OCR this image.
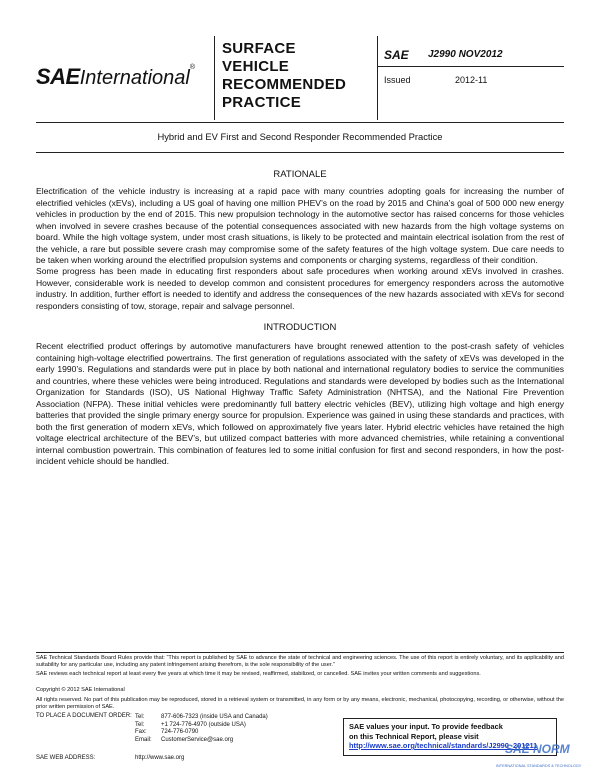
SAEInternational®
SURFACE
VEHICLE
RECOMMENDED
PRACTICE
SAE J2990 NOV2012
Issued	2012-11
Hybrid and EV First and Second Responder Recommended Practice
RATIONALE
Electrification of the vehicle industry is increasing at a rapid pace with many countries adopting goals for increasing the number of electrified vehicles (xEVs), including a US goal of having one million PHEV’s on the road by 2015 and China’s goal of 500 000 new energy vehicles in production by the end of 2015. This new propulsion technology in the automotive sector has raised concerns for those vehicles when involved in severe crashes because of the potential consequences associated with new hazards from the high voltage systems on board. While the high voltage system, under most crash situations, is likely to be protected and maintain electrical isolation from the rest of the vehicle, a rare but possible severe crash may compromise some of the safety features of the high voltage system. Due care needs to be taken when working around the electrified propulsion systems and components or charging systems, regardless of their condition.
Some progress has been made in educating first responders about safe procedures when working around xEVs involved in crashes. However, considerable work is needed to develop common and consistent procedures for emergency responders across the automotive industry. In addition, further effort is needed to identify and address the consequences of the new hazards associated with xEVs for second responders consisting of tow, storage, repair and salvage personnel.
INTRODUCTION
Recent electrified product offerings by automotive manufacturers have brought renewed attention to the post-crash safety of vehicles containing high-voltage electrified powertrains. The first generation of regulations associated with the safety of xEVs was developed in the early 1990’s. Regulations and standards were put in place by both national and international regulatory bodies to service the communities and countries, where these vehicles were being introduced. Regulations and standards were developed by bodies such as the International Organization for Standards (ISO), US National Highway Traffic Safety Administration (NHTSA), and the National Fire Prevention Association (NFPA). These initial vehicles were predominantly full battery electric vehicles (BEV), utilizing high voltage and high energy batteries that provided the single primary energy source for propulsion. Experience was gained in using these standards and practices, with both the first generation of modern xEVs, which followed on approximately five years later. Hybrid electric vehicles have retained the high voltage electrical architecture of the BEV’s, but utilized compact batteries with more advanced chemistries, while retaining a conventional internal combustion powertrain. This combination of features led to some initial confusion for first and second responders, in how the post-incident vehicle should be handled.
SAE Technical Standards Board Rules provide that: “This report is published by SAE to advance the state of technical and engineering sciences. The use of this report is entirely voluntary, and its applicability and suitability for any particular use, including any patent infringement arising therefrom, is the sole responsibility of the user.”
SAE reviews each technical report at least every five years at which time it may be revised, reaffirmed, stabilized, or cancelled. SAE invites your written comments and suggestions.
Copyright © 2012 SAE International
All rights reserved. No part of this publication may be reproduced, stored in a retrieval system or transmitted, in any form or by any means, electronic, mechanical, photocopying, recording, or otherwise, without the prior written permission of SAE.
TO PLACE A DOCUMENT ORDER: Tel:
Tel:
Fax:
Email:
877-606-7323 (inside USA and Canada)
+1 724-776-4970 (outside USA)
724-776-0790
CustomerService@sae.org
SAE WEB ADDRESS:	http://www.sae.org
SAE values your input. To provide feedback
on this Technical Report, please visit
http://www.sae.org/technical/standards/J2990_201211
SAE NORM
INTERNATIONAL STANDARDS & TECHNOLOGY
